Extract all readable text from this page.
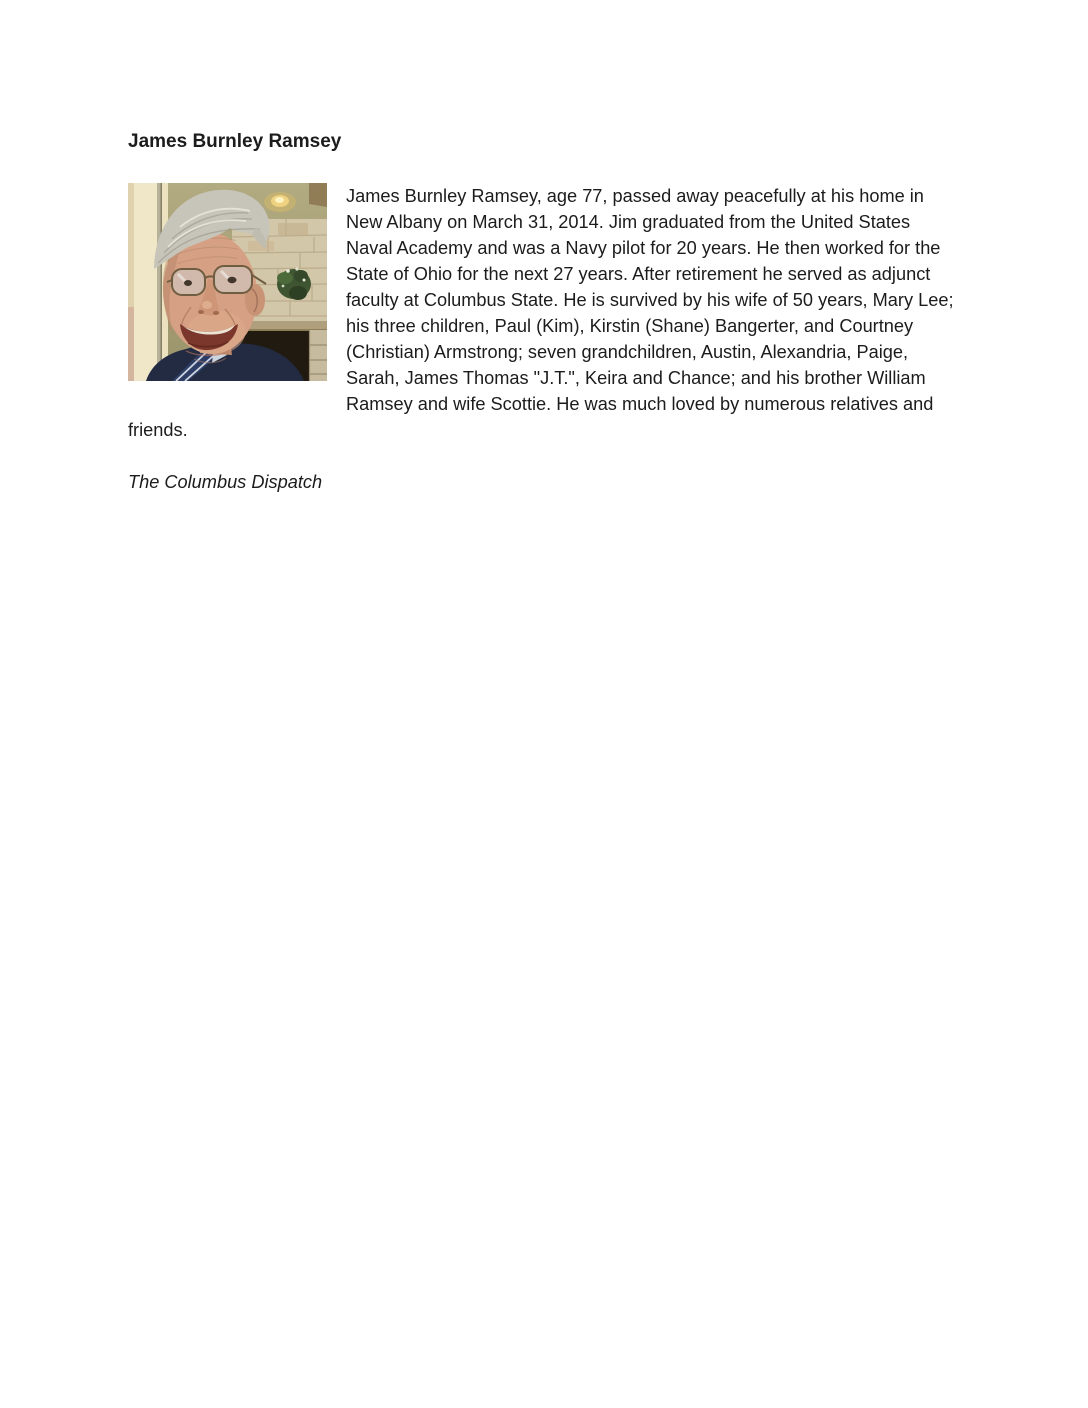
James Burnley Ramsey

James Burnley Ramsey, age 77, passed away peacefully at his home in New Albany on March 31, 2014. Jim graduated from the United States Naval Academy and was a Navy pilot for 20 years. He then worked for the State of Ohio for the next 27 years. After retirement he served as adjunct faculty at Columbus State. He is survived by his wife of 50 years, Mary Lee; his three children, Paul (Kim), Kirstin (Shane) Bangerter, and Courtney (Christian) Armstrong; seven grandchildren, Austin, Alexandria, Paige, Sarah, James Thomas "J.T.", Keira and Chance; and his brother William Ramsey and wife Scottie. He was much loved by numerous relatives and friends.

The Columbus Dispatch
